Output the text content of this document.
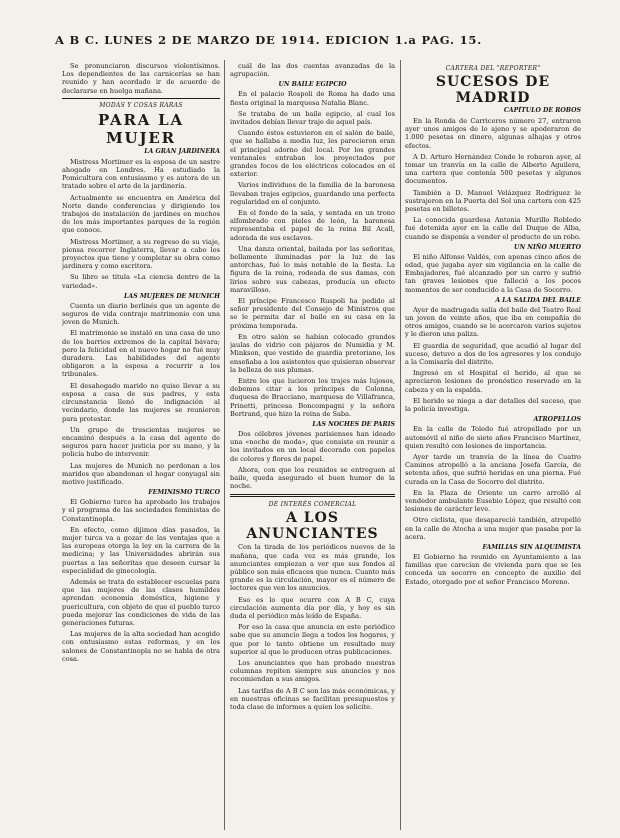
A B C. LUNES 2 DE MARZO DE 1914. EDICION 1.a PAG. 15.

Se pronunciaron discursos violentísimos. Los dependientes de las carnicerías se han reunido y han acordado ir de acuerdo de declararse en huelga mañana.

MODAS Y COSAS RARAS
PARA LA MUJER
LA GRAN JARDINERA

Mistress Mortimer es la esposa de un sastre ahogado en Londres. Ha estudiado la Pomicultura con entusiasmo y es autora de un tratado sobre el arte de la jardinería.

Actualmente se encuentra en América del Norte dando conferencias y dirigiendo los trabajos de instalación de jardines en muchos de los más importantes parques de la región que conoce.

Mistress Mortimer, a su regreso de su viaje, piensa recorrer Inglaterra, llevar a cabo los proyectos que tiene y completar su obra como jardinera y como escritora.

Su libro se titula «La ciencia dentro de la variedad».

LAS MUJERES DE MUNICH

Cuenta un diario berlinés que un agente de seguros de vida contrajo matrimonio con una joven de Munich.

El matrimonio se instaló en una casa de uno de los barrios extremos de la capital bávara; pero la felicidad en el nuevo hogar no fué muy duradera. Las habilidades del agente obligaron a la esposa a recurrir a los tribunales.

El desahogado marido no quiso llevar a su esposa a casa de sus padres, y esta circunstancia llenó de indignación al vecindario, donde las mujeres se reunieron para protestar.

Un grupo de trescientas mujeres se encaminó después a la casa del agente de seguros para hacer justicia por su mano, y la policía hubo de intervenir.

Las mujeres de Munich no perdonan a los maridos que abandonan el hogar conyugal sin motivo justificado.

FEMINISMO TURCO

El Gobierno turco ha aprobado los trabajos y el programa de las sociedades feministas de Constantinopla.

En efecto, como dijimos días pasados, la mujer turca va a gozar de las ventajas que a las europeas otorga la ley en la carrera de la medicina; y las Universidades abrirán sus puertas a las señoritas que deseen cursar la especialidad de ginecología.

Además se trata de establecer escuelas para que las mujeres de las clases humildes aprendan economía doméstica, higiene y puericultura, con objeto de que el pueblo turco pueda mejorar las condiciones de vida de las generaciones futuras.

Las mujeres de la alta sociedad han acogido con entusiasmo estas reformas, y en los salones de Constantinopla no se habla de otra cosa.

cuál de las dos cuentas avanzadas de la agrupación.

UN BAILE EGIPCIO

En el palacio Rospoli de Roma ha dado una fiesta original la marquesa Natalia Blanc.

Se trataba de un baile egipcio, al cual los invitados debían llevar traje de aquel país.

Cuando éstos estuvieron en el salón de baile, que se hallaba a media luz, les parecieron eran el principal adorno del local. Por los grandes ventanales entraban los proyectados por grandes focos de los eléctricos colocados en el exterior.

Varios individuos de la familia de la baronesa llevaban trajes egipcios, guardando una perfecta regularidad en el conjunto.

En el fondo de la sala, y sentada en un trono alfombrado con pieles de león, la baronesa representaba el papel de la reina Bil Acall, adorada de sus esclavos.

Una danza oriental, bailada por las señoritas, bellamente iluminadas por la luz de las antorchas, fué lo más notable de la fiesta. La figura de la reina, rodeada de sus damas, con lirios sobre sus cabezas, producía un efecto maravilloso.

El príncipe Francesco Ruspoli ha pedido al señor presidente del Consejo de Ministros que se le permita dar el baile en su casa en la próxima temporada.

En otro salón se habían colocado grandes jaulas de vidrio con pájaros de Numidia y M. Minkson, que vestido de guardia pretoriano, los enseñaba a los asistentes que quisieran observar la belleza de sus plumas.

Entre los que lucieron los trajes más lujosos, debemos citar a los príncipes de Colonna, duquesa de Bracciano, marquesa de Villafranca, Prinetti, princesa Boncompagni y la señora Bertrand, que hizo la reina de Saba.

LAS NOCHES DE PARIS

Dos célebres jóvenes parisienses han ideado una «noche de moda», que consiste en reunir a los invitados en un local decorado con papeles de colores y flores de papel.

Ahora, con que los reunidos se entreguen al baile, queda asegurado el buen humor de la noche.

DE INTERÉS COMERCIAL
A LOS ANUNCIANTES

Con la tirada de los periódicos nuevos de la mañana, que cada vez es más grande, los anunciantes empiezan a ver que sus fondos al público son más eficaces que nunca. Cuanto más grande es la circulación, mayor es el número de lectores que ven los anuncios.

Eso es lo que ocurre con A B C, cuya circulación aumenta día por día, y hoy es sin duda el periódico más leído de España.

Por eso la casa que anuncia en este periódico sabe que su anuncio llega a todos los hogares, y que por lo tanto obtiene un resultado muy superior al que le producen otras publicaciones.

Los anunciantes que han probado nuestras columnas repiten siempre sus anuncios y nos recomiendan a sus amigos.

Las tarifas de A B C son las más económicas, y en nuestras oficinas se facilitan presupuestos y toda clase de informes a quien los solicite.

CARTERA DEL "REPORTER"
SUCESOS DE MADRID
CAPÍTULO DE ROBOS

En la Ronda de Carriceros número 27, entraron ayer unos amigos de lo ajeno y se apoderaron de 1.000 pesetas en dinero, algunas alhajas y otros efectos.

A D. Arturo Hernández Conde le robaron ayer, al tomar un tranvía en la calle de Alberto Aguilera, una cartera que contenía 500 pesetas y algunos documentos.

También a D. Manuel Velázquez Rodríguez le sustrajeron en la Puerta del Sol una cartera con 425 pesetas en billetes.

La conocida guardesa Antonia Murillo Robledo fué detenida ayer en la calle del Duque de Alba, cuando se disponía a vender el producto de un robo.

UN NIÑO MUERTO

El niño Alfonso Valdés, con apenas cinco años de edad, que jugaba ayer sin vigilancia en la calle de Embajadores, fué alcanzado por un carro y sufrió tan graves lesiones que falleció a los pocos momentos de ser conducido a la Casa de Socorro.

A LA SALIDA DEL BAILE

Ayer de madrugada salía del baile del Teatro Real un joven de veinte años, que iba en compañía de otros amigos, cuando se le acercaron varios sujetos y le dieron una paliza.

El guardia de seguridad, que acudió al lugar del suceso, detuvo a dos de los agresores y los condujo a la Comisaría del distrito.

Ingresó en el Hospital el herido, al que se apreciaron lesiones de pronóstico reservado en la cabeza y en la espalda.

El herido se niega a dar detalles del suceso, que la policía investiga.

ATROPELLOS

En la calle de Toledo fué atropellado por un automóvil el niño de siete años Francisco Martínez, quien resultó con lesiones de importancia.

Ayer tarde un tranvía de la línea de Cuatro Caminos atropelló a la anciana Josefa García, de setenta años, que sufrió heridas en una pierna. Fué curada en la Casa de Socorro del distrito.

En la Plaza de Oriente un carro arrolló al vendedor ambulante Eusebio López, que resultó con lesiones de carácter leve.

Otro ciclista, que desapareció también, atropelló en la calle de Atocha a una mujer que pasaba por la acera.

FAMILIAS SIN ALQUIMISTA

El Gobierno ha reunido en Ayuntamiento a las familias que carecían de vivienda para que se les conceda un socorro en concepto de auxilio del Estado, otorgado por el señor Francisco Moreno.
